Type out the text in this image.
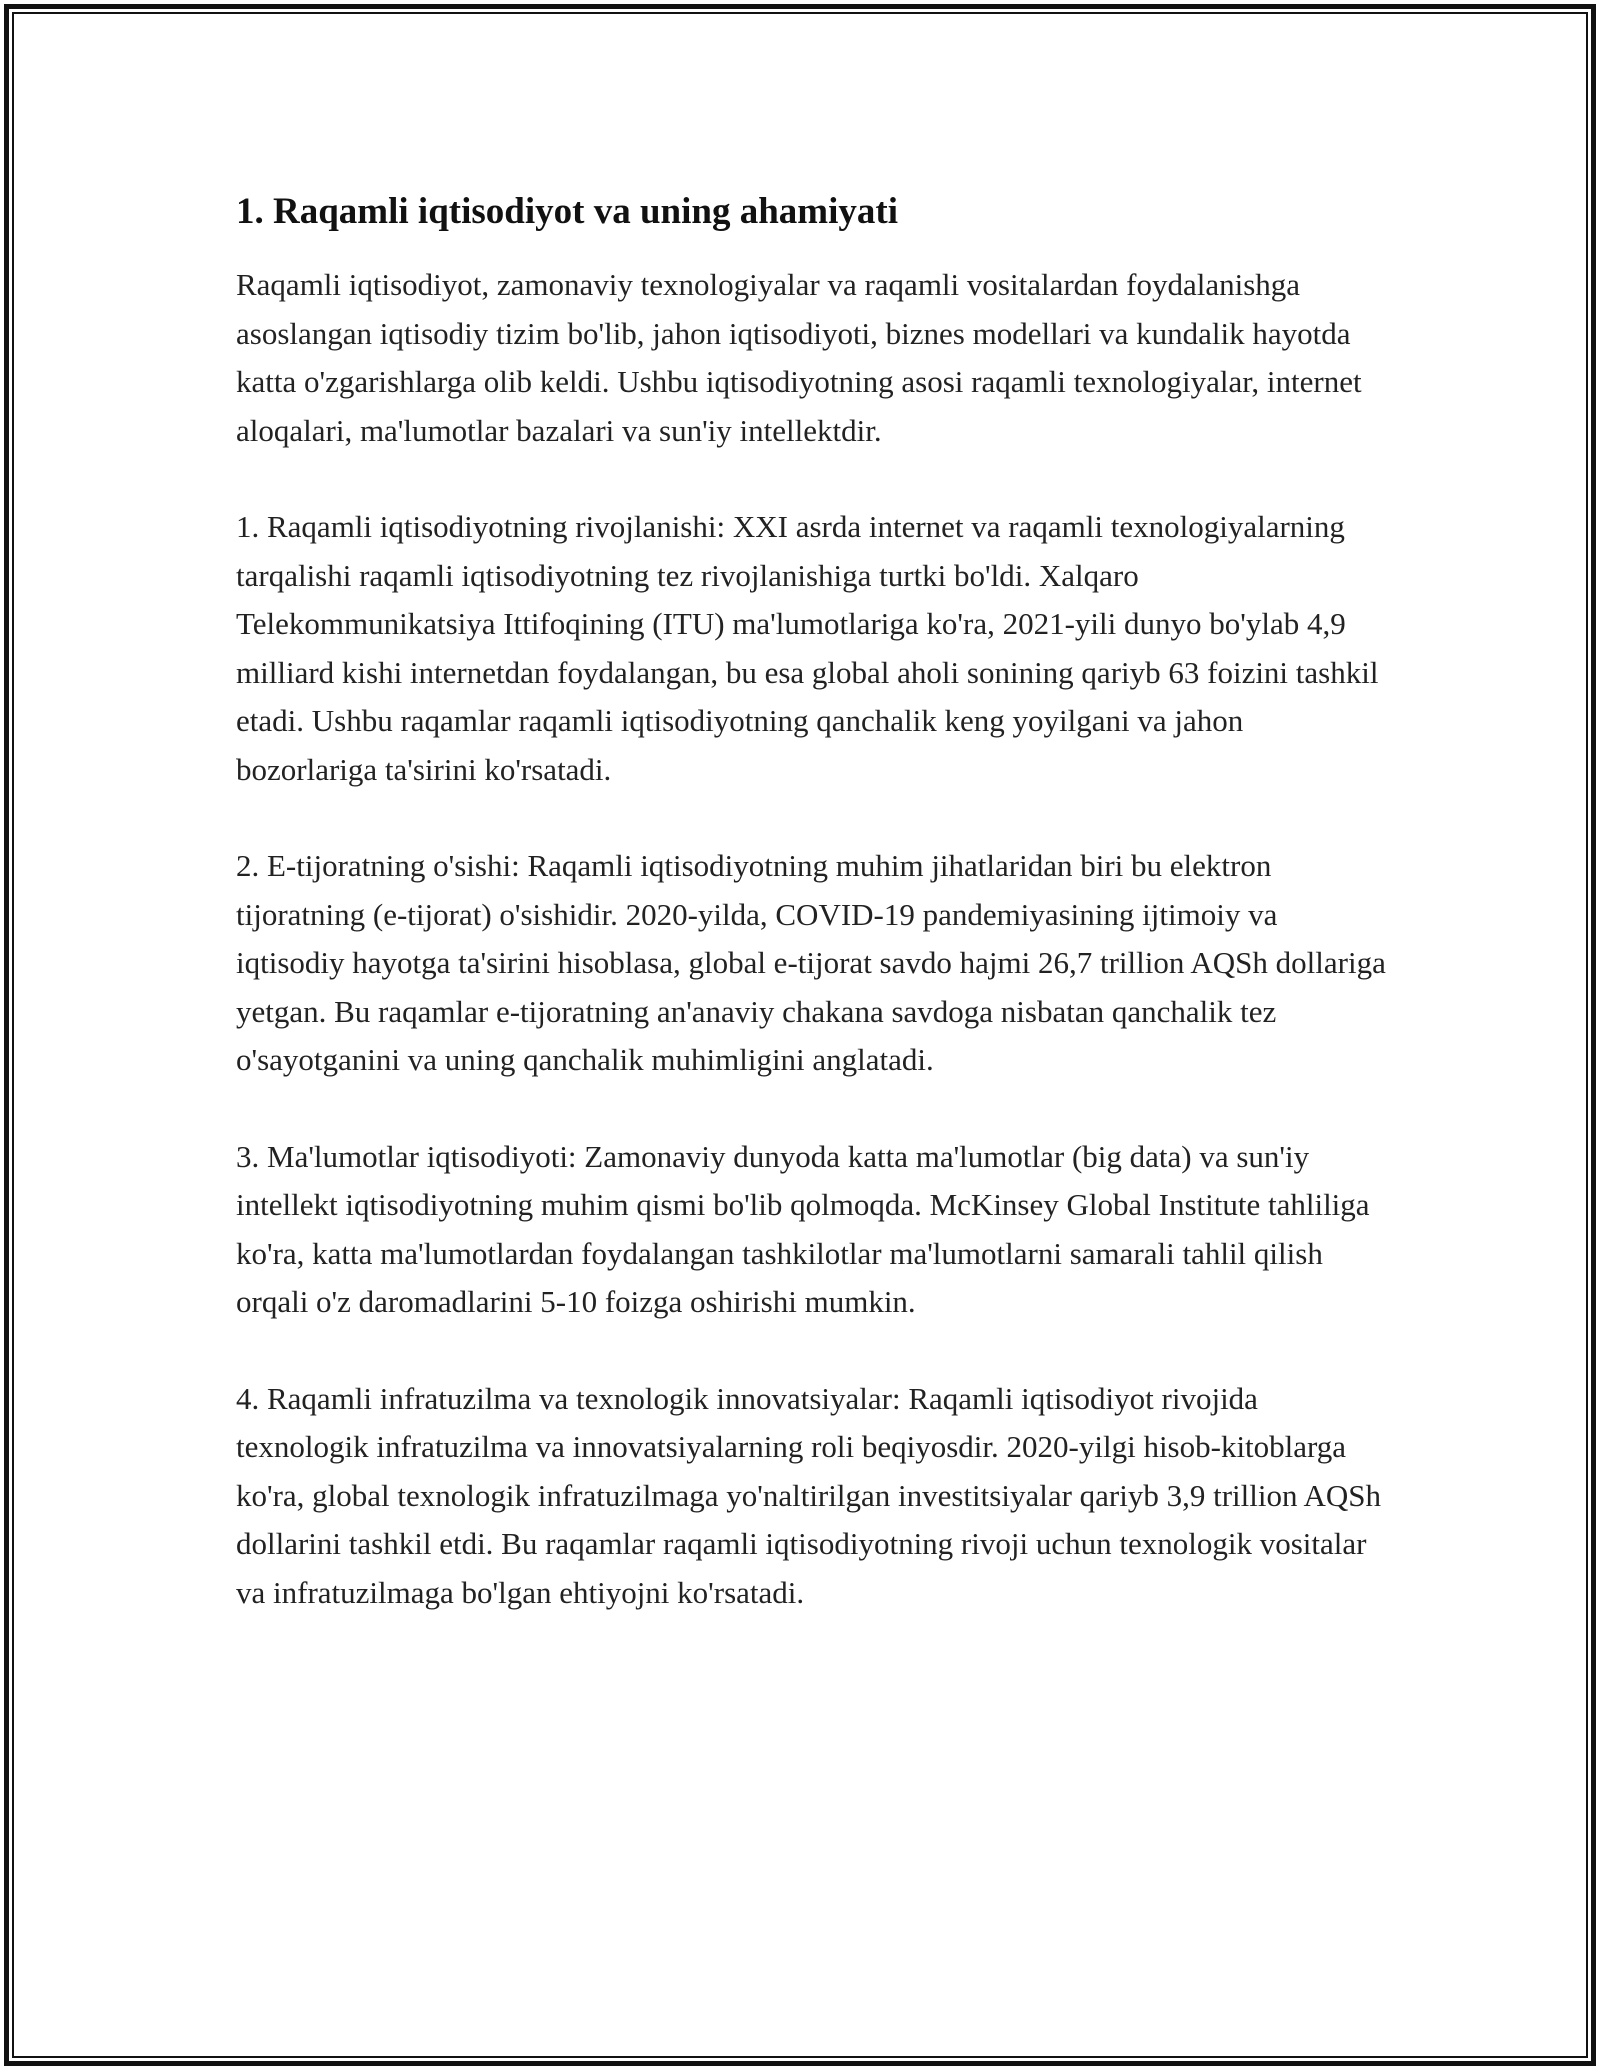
1. Raqamli iqtisodiyot va uning ahamiyati

Raqamli iqtisodiyot, zamonaviy texnologiyalar va raqamli vositalardan foydalanishga asoslangan iqtisodiy tizim bo'lib, jahon iqtisodiyoti, biznes modellari va kundalik hayotda katta o'zgarishlarga olib keldi. Ushbu iqtisodiyotning asosi raqamli texnologiyalar, internet aloqalari, ma'lumotlar bazalari va sun'iy intellektdir.

1. Raqamli iqtisodiyotning rivojlanishi: XXI asrda internet va raqamli texnologiyalarning tarqalishi raqamli iqtisodiyotning tez rivojlanishiga turtki bo'ldi. Xalqaro Telekommunikatsiya Ittifoqining (ITU) ma'lumotlariga ko'ra, 2021-yili dunyo bo'ylab 4,9 milliard kishi internetdan foydalangan, bu esa global aholi sonining qariyb 63 foizini tashkil etadi. Ushbu raqamlar raqamli iqtisodiyotning qanchalik keng yoyilgani va jahon bozorlariga ta'sirini ko'rsatadi.

2. E-tijoratning o'sishi: Raqamli iqtisodiyotning muhim jihatlaridan biri bu elektron tijoratning (e-tijorat) o'sishidir. 2020-yilda, COVID-19 pandemiyasining ijtimoiy va iqtisodiy hayotga ta'sirini hisoblasa, global e-tijorat savdo hajmi 26,7 trillion AQSh dollariga yetgan. Bu raqamlar e-tijoratning an'anaviy chakana savdoga nisbatan qanchalik tez o'sayotganini va uning qanchalik muhimligini anglatadi.

3. Ma'lumotlar iqtisodiyoti: Zamonaviy dunyoda katta ma'lumotlar (big data) va sun'iy intellekt iqtisodiyotning muhim qismi bo'lib qolmoqda. McKinsey Global Institute tahliliga ko'ra, katta ma'lumotlardan foydalangan tashkilotlar ma'lumotlarni samarali tahlil qilish orqali o'z daromadlarini 5-10 foizga oshirishi mumkin.

4. Raqamli infratuzilma va texnologik innovatsiyalar: Raqamli iqtisodiyot rivojida texnologik infratuzilma va innovatsiyalarning roli beqiyosdir. 2020-yilgi hisob-kitoblarga ko'ra, global texnologik infratuzilmaga yo'naltirilgan investitsiyalar qariyb 3,9 trillion AQSh dollarini tashkil etdi. Bu raqamlar raqamli iqtisodiyotning rivoji uchun texnologik vositalar va infratuzilmaga bo'lgan ehtiyojni ko'rsatadi.
